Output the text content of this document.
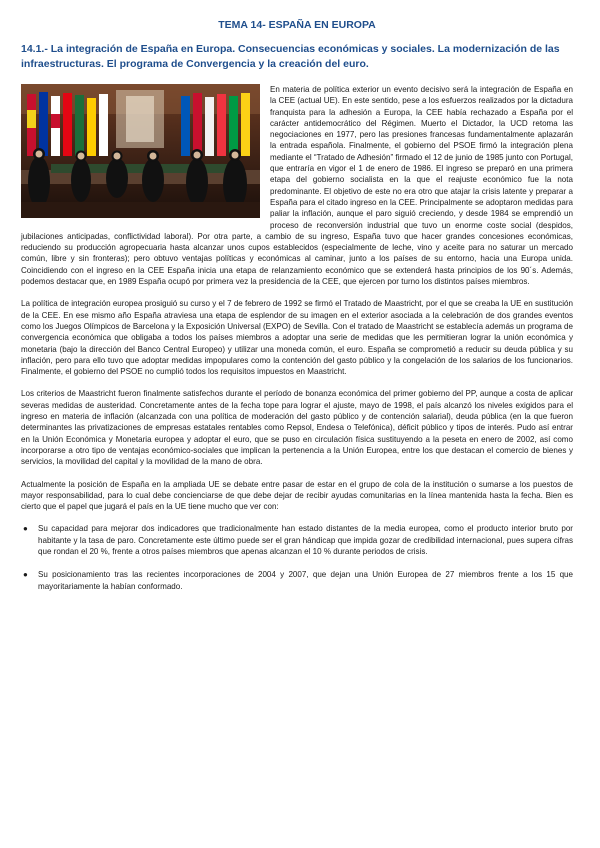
TEMA 14- ESPAÑA EN EUROPA
14.1.- La integración de España en Europa. Consecuencias económicas y sociales. La modernización de las infraestructuras. El programa de Convergencia y la creación del euro.

En materia de política exterior un evento decisivo será la integración de España en la CEE (actual UE). En este sentido, pese a los esfuerzos realizados por la dictadura franquista para la adhesión a Europa, la CEE había rechazado a España por el carácter antidemocrático del Régimen. Muerto el Dictador, la UCD retoma las negociaciones en 1977, pero las presiones francesas fundamentalmente aplazarán la entrada española. Finalmente, el gobierno del PSOE firmó la integración plena mediante el “Tratado de Adhesión” firmado el 12 de junio de 1985 junto con Portugal, que entraría en vigor el 1 de enero de 1986. El ingreso se preparó en una primera etapa del gobierno socialista en la que el reajuste económico fue la nota predominante. El objetivo de este no era otro que atajar la crisis latente y preparar a España para el citado ingreso en la CEE. Principalmente se adoptaron medidas para paliar la inflación, aunque el paro siguió creciendo, y desde 1984 se emprendió un proceso de reconversión industrial que tuvo un enorme coste social (despidos, jubilaciones anticipadas, conflictividad laboral). Por otra parte, a cambio de su ingreso, España tuvo que hacer grandes concesiones económicas, reduciendo su producción agropecuaria hasta alcanzar unos cupos establecidos (especialmente de leche, vino y aceite para no saturar un mercado común, libre y sin fronteras); pero obtuvo ventajas políticas y económicas al caminar, junto a los países de su entorno, hacia una Europa unida. Coincidiendo con el ingreso en la CEE España inicia una etapa de relanzamiento económico que se extenderá hasta principios de los 90´s. Además, podemos destacar que, en 1989 España ocupó por primera vez la presidencia de la CEE, que ejercen por turno los distintos países miembros.

La política de integración europea prosiguió su curso y el 7 de febrero de 1992 se firmó el Tratado de Maastricht, por el que se creaba la UE en sustitución de la CEE. En ese mismo año España atraviesa una etapa de esplendor de su imagen en el exterior asociada a la celebración de dos grandes eventos como los Juegos Olímpicos de Barcelona y la Exposición Universal (EXPO) de Sevilla. Con el tratado de Maastricht se establecía además un programa de convergencia económica que obligaba a todos los países miembros a adoptar una serie de medidas que les permitieran lograr la unión económica y monetaria (bajo la dirección del Banco Central Europeo) y utilizar una moneda común, el euro. España se comprometió a reducir su deuda pública y su inflación, pero para ello tuvo que adoptar medidas impopulares como la contención del gasto público y la congelación de los salarios de los funcionarios. Finalmente, el gobierno del PSOE no cumplió todos los requisitos impuestos en Maastricht.

Los criterios de Maastricht fueron finalmente satisfechos durante el período de bonanza económica del primer gobierno del PP, aunque a costa de aplicar severas medidas de austeridad. Concretamente antes de la fecha tope para lograr el ajuste, mayo de 1998, el país alcanzó los niveles exigidos para el ingreso en materia de inflación (alcanzada con una política de moderación del gasto público y de contención salarial), deuda pública (en la que fueron determinantes las privatizaciones de empresas estatales rentables como Repsol, Endesa o Telefónica), déficit público y tipos de interés. Pudo así entrar en la Unión Económica y Monetaria europea y adoptar el euro, que se puso en circulación física sustituyendo a la peseta en enero de 2002, así como incorporarse a otro tipo de ventajas económico-sociales que implican la pertenencia a la Unión Europea, entre los que destacan el comercio de bienes y servicios, la movilidad del capital y la movilidad de la mano de obra.

Actualmente la posición de España en la ampliada UE se debate entre pasar de estar en el grupo de cola de la institución o sumarse a los puestos de mayor responsabilidad, para lo cual debe concienciarse de que debe dejar de recibir ayudas comunitarias en la línea mantenida hasta la fecha. Bien es cierto que el papel que jugará el país en la UE tiene mucho que ver con:

● Su capacidad para mejorar dos indicadores que tradicionalmente han estado distantes de la media europea, como el producto interior bruto por habitante y la tasa de paro. Concretamente este último puede ser el gran hándicap que impida gozar de credibilidad internacional, pues supera cifras que rondan el 20 %, frente a otros países miembros que apenas alcanzan el 10 % durante periodos de crisis.

● Su posicionamiento tras las recientes incorporaciones de 2004 y 2007, que dejan una Unión Europea de 27 miembros frente a los 15 que mayoritariamente la habían conformado.
